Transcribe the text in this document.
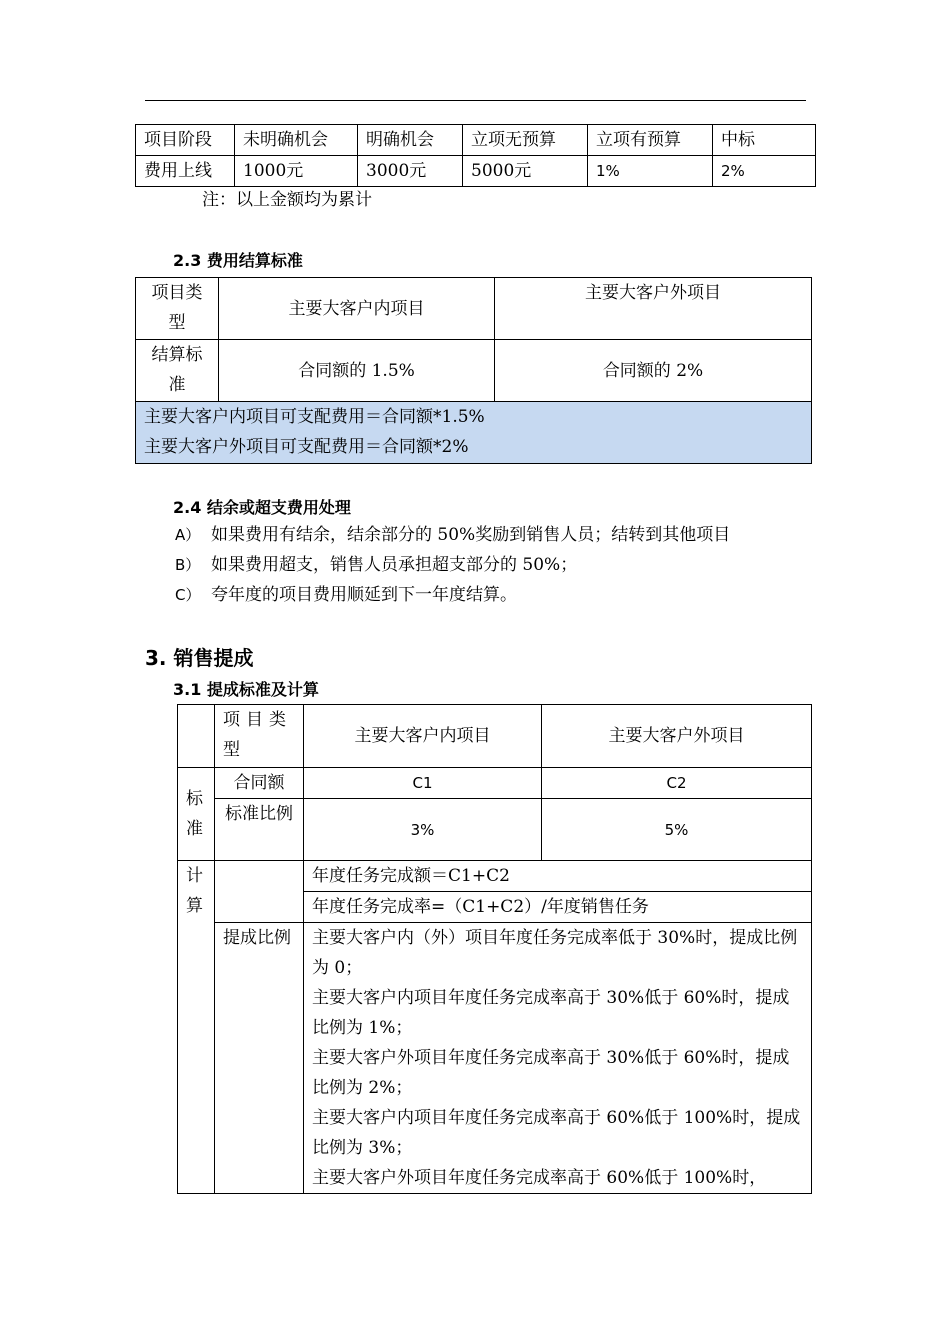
项目阶段	未明确机会	明确机会	立项无预算	立项有预算	中标
费用上线	1000元	3000元	5000元	1%	2%
注：以上金额均为累计
2.3 费用结算标准
项目类型	主要大客户内项目	主要大客户外项目
结算标准	合同额的 1.5%	合同额的 2%

主要大客户内项目可支配费用＝合同额*1.5%
主要大客户外项目可支配费用＝合同额*2%		
2.4 结余或超支费用处理
A） 如果费用有结余，结余部分的 50%奖励到销售人员；结转到其他项目
B） 如果费用超支，销售人员承担超支部分的 50%；
C） 夸年度的项目费用顺延到下一年度结算。
3. 销售提成
3.1 提成标准及计算
	项目类型	主要大客户内项目	主要大客户外项目
标准	合同额	C1	C2
	标准比例	3%	5%
计算		年度任务完成额＝C1+C2	
		年度任务完成率=（C1+C2）/年度销售任务	
	提成比例	主要大客户内（外）项目年度任务完成率低于 30%时，提成比例为 0；
主要大客户内项目年度任务完成率高于 30%低于 60%时，提成比例为 1%；
主要大客户外项目年度任务完成率高于 30%低于 60%时，提成比例为 2%；
主要大客户内项目年度任务完成率高于 60%低于 100%时，提成比例为 3%；
主要大客户外项目年度任务完成率高于 60%低于 100%时，	
